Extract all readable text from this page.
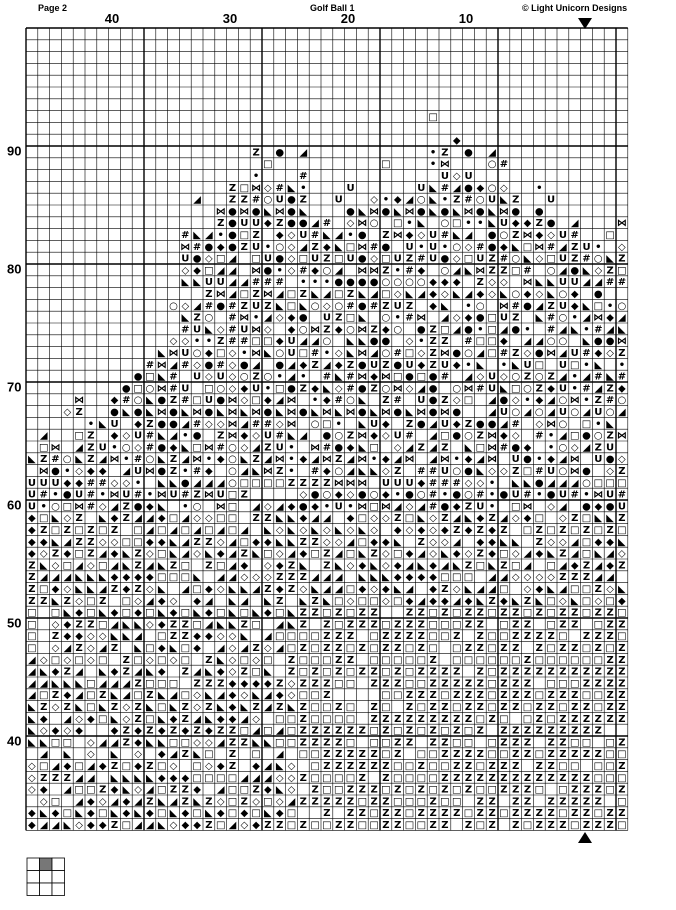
Page 2	Golf Ball 1	© Light Unicorn Designs
40	30	20	10
90
80
70
60
50
40
□
◆
Z ● ◢	• Z ● ◢
□	□	• ⋈	○ #
•	#	U ◇ U
Z □ ⋈ ◇ # ◣ •	U	U ◣ # ◢ ● ◆ ○ ◇	•
◢	Z Z # ○ U ● Z	U	◇ • ◆ ◢ ○ ◣ • Z # ○ U ◣ Z	U
⋈ ● ⋈ ● ◣ ⋈ ● ◣	● ◣ ⋈ ● ◣ ⋈ ● ◣ ● ◣ ⋈ ● ◣ ⋈ ● ●
Z ● U U ◆ Z ● ● ◢ # ◇ ⋈ ○ □ • ◣ ○ □ • • ◣ U ◆ ◆ Z ● ◢	⋈
# ◣ ◢ • ● □ Z ◆ ◇ U # ◣ ◢ • ● Z ⋈ ◆ ◇ U # ◣ ◢ ● ○ Z ⋈ ◆ ◇ U #	□
⋈ # ● ◆ ● Z U • ○ ◇ ◢ Z ◆ ◣ □ ⋈ # ● U • U • ○ ◇ # ● ◆ ◣ □ ⋈ # ◢ Z U • ◇
U ● ◇ □ ◢ □ U ● ◇ □ U Z □ U ● ◇ □ U Z # U ● ◇ □ U Z # ○ ◣ ◇ □ U Z # ○ ◣ Z
◇ ◆ □ ◢ ◢ ⋈ ● • ◇ # ◆ ○ ◢ ⋈ ⋈ Z • # ◆ ○ ◢ ◣ ⋈ Z Z □ # ○ ◢ ● ◣ ◇ Z □
◣ ◣ U U ◢ ◢ # # # • • • ● ● ● ● ○ ○ ○ ○ ◆ ◆ ◆ Z ◇ ◇ ⋈ ◣ ◣ U U ◢ ◢ # #
Z ⋈ ◢ □ Z ⋈ ◢ □ Z ◣ ◢ □ Z ◣ ◢ □ ◇ ◣ ◢ ◆ ◇ ◣ ◢ ◆ ◇ ◣ ○ ◆ ◇ ◣ ○ ◆ ●
○ ◇ ◢ # ● # Z U Z ◣ □ ◣ ○ ◇ ○ # ● # Z U Z ◆ ◣ • ○ ⋈ # ● ◢ Z U ◆ ◣ □ • ○
◣ Z ○ # ⋈ • ◢ ◇ ◆ ● U Z □ ◣ ○ • # ⋈ ◢ ◇ ◆ ● □ U Z ◣ # ○ • ◢ ⋈ ◆ ◢
# U ◣ ◇ # U ⋈ ◇ ◆ ○ ⋈ Z ◆ ○ ⋈ Z ◆ ○ ● Z □ ◢ ● • □ ◢ ● • # ◢ ◣ • # ◢ ◣
◇ ◇ • • Z # # □ □ ◆ U ◢ ◢ ○ ◣ ◣ ● ● ◇ • Z Z # □ □ ◆ ◢ ◢ ○ ○ ◣ ● ● ⋈
◣ ⋈ U ○ ◆ □ ◇ • ⋈ ◣ ○ U □ # • ◇ ◣ ⋈ ◢ ○ # □ ◇ Z ⋈ ● ○ ◢ □ # Z ◇ ● ⋈ ◢ U # ◆ ◇ Z
# ⋈ ◢ # ◇ ● # ◇ ● ◢ ● ◢ ◆ Z ◢ ◆ Z ● U Z ● U ◆ Z U ◆ • ◣ • ◣ U □ U □ • ◣ •
● □ ◣ # U ◇ U ◇ ○ Z ○ • ◢ • # ◣ # ⋈ ◆ ⋈ □ ● □ ● # ◢ ◇ U ◇ ○ Z ○ Z ◢ • ◢ # ◣ #
● □ ○ ⋈ # U □ ○ ◇ ◆ U • □ ● Z ◆ ◣ ◇ # ● Z ○ ⋈ ◇ ◢ ● ○ ⋈ # U ◣ □ ○ Z ◆ U • # ◢ Z ◆
⋈	◆ # ○ ◣ ● Z # □ U ● ⋈ ◇ □ ◆ ◢ ⋈ • ◆ # ○ ◣ Z # U ● Z ◇ □ ◢ ● ◇ • ◆ ◢ ○ ⋈ • Z # ○
◇ Z	● ◣ ● ◣ ⋈ ● ◣ ⋈ ● ◣ ⋈ ◣ ⋈ ● ◣ ⋈ ● ◣ ⋈ ◣ ⋈ ● ◣ ⋈ ● ◣ ⋈ ● ⋈ ●	◢ U ○ ◢ ○ ◢ U ○ ◢ U ○ ◢
• ◣ U ◆ Z ● ● ◢ # ◇ ◇ ⋈ ◢ # # ◇ ⋈ ○ □ • ◣ U ◆ Z ● ◢ U ◆ Z ● ● ◢ # ◇ ⋈ ○ □ • ◣
◢	□ Z ◆ ◇ U # ◣ ◢ • ● Z ⋈ ◆ ◇ U # ◣ ◢ ● ○ Z ⋈ ◆ ◇ U # ◢ □ ● ○ Z ⋈ ◆ ◇ # • ◢ □ ● ○ Z ⋈
□ ⋈ ◢ Z U • ○ ◇ # ● ◆ ◣ □ ⋈ # ○ ◇ ◢ Z U • ⋈ # ● ◆ ◣ □ ◇ ◢ Z ◢ Z ◣ □ ⋈ # ● ◆ • ○ ◇ ◢ Z U
◣ Z # ○ ◣ Z ◢ ⋈ • # ○ ◣ Z ◢ ⋈ • ◆ ○ ◣ Z ◢ ⋈ • ◆ ◢ ⋈ Z ◢ ⋈ • ◆ ◢ ⋈ ◢ ⋈ • ◆ ◢ ⋈ U ● • ◆ ◢ ⋈ U ● ◇
⋈ ● • ◇ ◆ ◆ ◢ U ⋈ ● Z • # ◆ ○ ◢ ◣ ⋈ Z • # ◆ ○ ◢ ◣ ◣ ◇ Z # # U ○ ● ◣ ◇ ◇ Z □ # U ○ ⋈ ● ◇ Z
U U U ◆ ◆ # # ◇ ◇ • ◣ ◣ ● ◢ ◢ ◢ ○ □ □ □ □ Z Z Z Z ⋈ ⋈ ⋈ U U U ◆ # # # ◇ ◇ • ◣ ◣ ● ◢ ◢ ◢ ○ □ □ □
U # • ● U # • ⋈ U # • ⋈ U # Z ⋈ U □ Z	◇ ● ○ ◆ ◇ ● ○ ◆ • ● ○ # • ● ○ # • ● U # • ● U # • ⋈ U #
U • ○ □ ⋈ # ◇ ◢ Z ● ◆ ◣ • ○ ⋈ □ ◢ ◇ ◢ ◆ ● ◆ • U • ⋈ □ ⋈ ◢ ◇ ◢ # ● ◆ Z U • □ ⋈ ◇ ◢ ● ◆ ● U
◆ □ ◣ ◇ Z ◣ ◆ Z ◢ ◢ ◆ □ ◢ ◇ ◇ □ □ Z Z ◣ ◣ ◆ ◢ ◢ ◆ □ ◇ ◇ Z □ ◣ ◇ Z ◢ ◣ ◆ Z ◢ ◇ ◆ □ ◇ Z □ ◣ ◣ Z
◆ Z □ Z □ Z □ Z □ ◢ □ ◢ □ ◢ □ ◢ □ ◢ ◣ ◇ ◣ ◇ ◣ ◇ ◣ ◇ ◣ ◇ ◆ ◇ ◆ ◇ ◆ Z ◆ Z ◆ Z □ Z □ Z □ Z □ Z □
◆ ◆ ◣ ◢ Z Z ◇ ◇ □ □ ◆ ◆ ◣ ◢ Z Z ◇ ◢ □ ◆ ◆ ◣ ◣ Z Z ◇ ◇ ◢ □ ◆ ◆ ◣ Z ◇ ◇ ◢ ◆ ◆ ◣ ◣ Z ◇ ◇ ◢ □ ◆ ◆ ◣
◆ ◇ Z ◆ □ Z ◢ ◆ ◣ Z ◇ □ ◣ ◢ ◇ ◣ ◆ ◢ Z ◣ □ ◇ ◢ ◆ □ Z ◢ □ ◣ Z ◇ □ ◆ ◢ ◇ ◣ ◆ ◇ Z ◆ □ ◇ ◢ ◆ ◣ Z ◢ □ ◣ ◢ ◇
Z ◣ ◇ □ ◢ ◇ □ ◢ ◣ Z ◢ ◣ Z □ Z □ ◢ ◆ ◇ ◆ Z ◣ Z ◣ ◇ ◆ ◣ ◇ ◆ ◢ ◣ ◆ ◢ ◣ Z □ ◣ Z □ ◢ □ ◢ ◆ Z ◢ ◆ Z
Z ◢ ◢ ◢ ◣ ◣ ◣ ◆ ◆ ◆ ◆ □ □ □ ◣ ◢ ◢ ◇ ◇ ◇ Z Z Z ◢ ◢ ◢ ◣ ◣ ◣ ◆ ◆ ◆ ◆ □ □ □ ◢ ◢ ◇ ◇ ◇ ◇ Z Z Z ◢ ◢
Z □ ◆ ◇ ◣ ◣ ◢ Z ◆ Z ◇ ◣ ◢ □ ◆ ◇ ◣ ◣ ◢ Z ◆ Z ◇ ◣ ◢ ◢ □ ◆ ◇ ◆ ◣ ◢ ◆ Z ◇ ◣ ◢ ◢ □ ◇ ◆ ◣ ◢ □ □ Z ◇ ◣
Z Z ◣ Z ◇ □ Z □ ◇ ◢ ◆ ◇ ◆ ◢ ◣ ◢ ◣ Z ◣ Z ◣ □ ◇ □ □ ◇ □ ◆ ◢ ◆ ◆ ◢ ◆ ◣ Z ◆ ◣ Z ◣ □ ◇ ◣ □ ◇ □ ◆
□ □ ◣ ◆ □ ◣ ◆ □ ◆ □ ◣ ◆ □ ◣ ◆ □ ◣ □ ◣ ◆ □ ◣ Z Z □ Z □ Z Z	Z Z □ Z □ Z Z □ Z Z □ Z □ Z Z □ Z Z □
□ ◇ ◆ Z Z □ ◢ ◣ ◣ ◇ ◆ Z Z □ ◢ ◣ ◣ Z □ ◢ ◣ Z Z □ Z Z Z □ Z Z Z □ □ □ Z Z □ Z Z □ Z Z □ Z Z
□ Z ◆ ◆ ◇ ◇ ◣ ◣ ◢ □ Z Z ◆ ◆ ◇ ◇ ◣ ◢ □ □ □ □ Z Z Z □ Z Z Z Z □ □ Z Z □ □ Z Z Z Z □ Z Z Z □
□ ◇ ◢ Z ◇ ◢ Z ◣ □ ◆ ◣ □ ◆ ◢ ◇ ◢ Z ◇ ◢ □ Z □ Z Z □ Z □ Z Z □ Z □ □ Z Z □ Z Z Z □ Z Z □ Z □ Z
◢ ◇ □ ◇ □ ◇ □ Z □ ◇ □ ◇ □ Z ◣ ◇ □ ◇ □ Z □ □ □ Z Z □ □ □ □ □ Z □ □ □ □ □ □ Z □ □ □ □ □ □ Z Z
◢ ◣ ◆ Z ◢ ◣ ◆ Z ◢ ◣ ◆ Z ◢ ◣ ◆ ◇ Z □ ◣ Z □ Z □ Z □ Z Z □ Z □ Z Z Z Z Z □ Z Z Z Z Z Z Z Z Z Z Z
◢ ◢ ◣ ◣ ◣ □ ◢ ◢ ◢ Z □ □ □ Z Z Z ◆ ◆ ◆ ◆ Z ◇ Z Z Z □ □ Z Z Z □ □ Z Z Z Z Z □ Z Z Z □ □ □ Z Z Z Z
◢ □ Z ◆ ◢ □ Z ◣ ◢ □ Z ◣ ◢ □ ◇ ◣ ◢ ◆ ◇ ◣ ◢ ◆ ◇ □ □ Z	□ □ Z Z Z □ Z Z Z □ Z Z Z □ Z Z Z □ □ Z Z
◣ Z ◇ Z ◣ □ ◣ Z ◇ Z ◣ □ ◣ Z ◇ Z ◣ ◆ ◣ Z ◢ Z ◣ Z □ □ Z □ Z □ Z □ Z Z □ Z Z □ Z Z □ Z Z □ Z Z □ Z Z
◣ ◆ ◢ ◇ ◆ □ ◣ ◇ Z □ ◣ ◆ Z ◢ ◣ ◆ ◆ ◢ ◇ □ □ Z □ □ □ □ Z Z Z Z Z Z Z Z Z □ Z □ □ Z □ Z Z Z Z Z Z
◣ ◇ ◆ ◇ ◆	◆ Z ◆ Z ◆ Z ◆ Z ◆ Z Z □ ◢ □ ◢ □ Z Z Z Z Z Z □ Z □ Z □ Z □ Z □ Z Z Z Z Z Z Z Z Z Z
◣ ◣ □ □ ◇ ◢ ◢ Z ◆ ◣ ◣ □ □ ◇ ◇ ◢ Z Z ◣ ◣ □ □ Z Z Z Z □ □ □ Z Z Z Z □ □ □ Z Z Z Z Z □ □ □ Z
◢ ◣ ◇ ◣ ◇ ◆ ◢ Z ◣ □ Z □ ◢ □ □ Z Z Z Z Z □ Z □ □ Z Z Z Z □ □ Z Z □ Z Z Z Z Z □ □
◇ □ ◢ ◆ □ ◢ ◆ Z □ ◆ Z □ ◇ □ ◇ ◆ Z ◆ ◢ ◣ ◇ □ Z Z Z Z Z Z □ □ Z □ □ Z Z □ Z Z Z Z Z □ □ □ □ Z
◇ Z Z Z ◢ ◢ ◣ ◣ ◣ ◣ ◆ ◆ ◆ □ □ □ □ ◢ ◢ ◢ ◇ ◇ Z □ □ □ □ Z Z □ □ □ □ Z Z Z Z Z Z Z Z Z Z Z Z Z □ □ □
◇ ◆ ◢ □ □ Z ◆ ◣ ◇ ◢ □ Z Z ◆ ◢ □ □ Z ◆ ◣ ◇ Z □ □ Z Z Z □ Z □ Z □ Z □ Z □ □ Z Z Z □ □ Z Z Z □ Z
◇ □ ◢ ◆ ◇ ◢ ◆ ◢ Z ◣ ◢ Z ◣ Z ◇ □ Z ◇ □ ◇ ◢ Z Z Z Z Z □ Z Z □ □ □ Z □ □ Z Z Z Z Z Z Z Z Z □
◆ ◣ ◆ □ ◣ ◆ □ ◣ ◆ ◣ ◆ □ ◣ ◆ □ ◣ ◆ □ ◆ □ ◣ ◆ □	Z Z Z □ Z Z □ Z Z Z Z □ Z Z □ Z Z Z Z □ Z Z □ Z Z
◆ ◢ ◢ ◣ ◇ ◆ ◆ Z □ ◢ ◢ ◣ ◇ ◆ ◆ Z □ ◢ ◇ ◆ Z Z □ Z □ □ Z Z □ □ Z Z □ □ Z Z Z □ Z Z □ Z Z Z □ Z Z Z □
